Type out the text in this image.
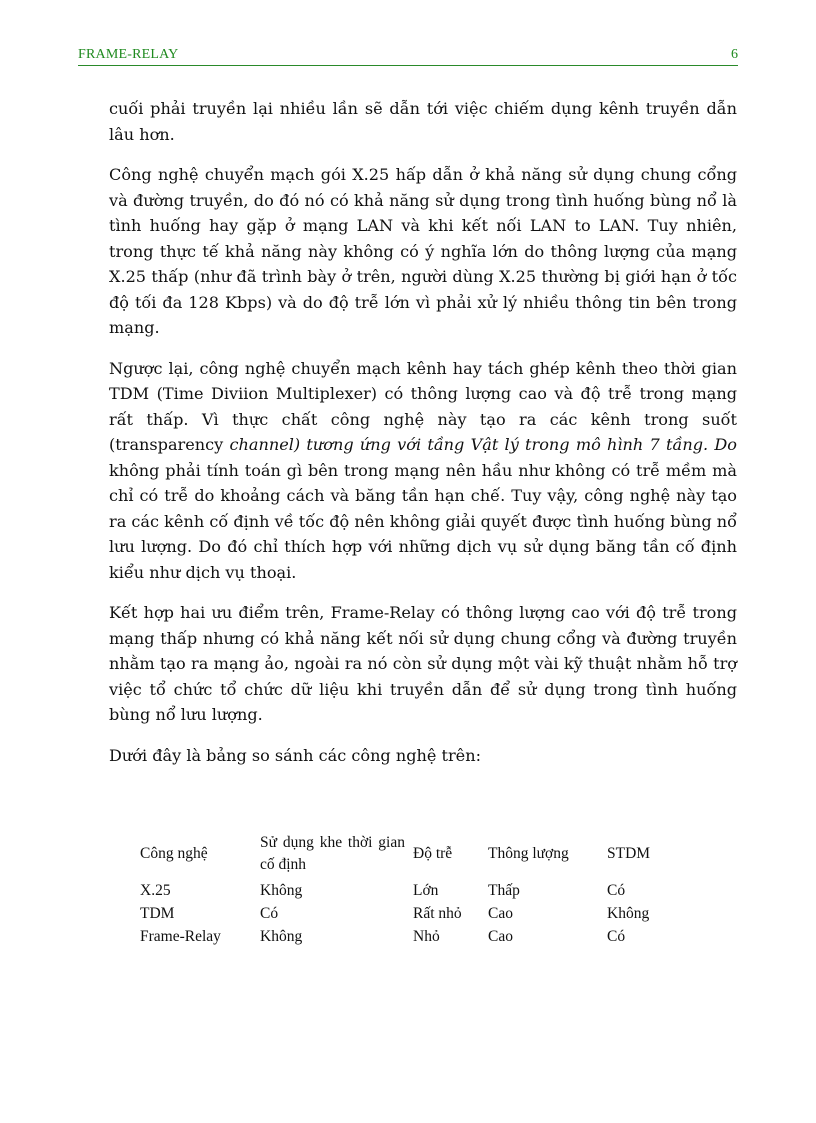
FRAME-RELAY	6

cuối phải truyền lại nhiều lần sẽ dẫn tới việc chiếm dụng kênh truyền dẫn lâu hơn.

Công nghệ chuyển mạch gói X.25 hấp dẫn ở khả năng sử dụng chung cổng và đường truyền, do đó nó có khả năng sử dụng trong tình huống bùng nổ là tình huống hay gặp ở mạng LAN và khi kết nối LAN to LAN. Tuy nhiên, trong thực tế khả năng này không có ý nghĩa lớn do thông lượng của mạng X.25 thấp (như đã trình bày ở trên, người dùng X.25 thường bị giới hạn ở tốc độ tối đa 128 Kbps) và do độ trễ lớn vì phải xử lý nhiều thông tin bên trong mạng.

Ngược lại, công nghệ chuyển mạch kênh hay tách ghép kênh theo thời gian TDM (Time Diviion Multiplexer) có thông lượng cao và độ trễ trong mạng rất thấp. Vì thực chất công nghệ này tạo ra các kênh trong suốt (transparency channel) tương ứng với tầng Vật lý trong mô hình 7 tầng. Do không phải tính toán gì bên trong mạng nên hầu như không có trễ mềm mà chỉ có trễ do khoảng cách và băng tần hạn chế. Tuy vậy, công nghệ này tạo ra các kênh cố định về tốc độ nên không giải quyết được tình huống bùng nổ lưu lượng. Do đó chỉ thích hợp với những dịch vụ sử dụng băng tần cố định kiểu như dịch vụ thoại.

Kết hợp hai ưu điểm trên, Frame-Relay có thông lượng cao với độ trễ trong mạng thấp nhưng có khả năng kết nối sử dụng chung cổng và đường truyền nhằm tạo ra mạng ảo, ngoài ra nó còn sử dụng một vài kỹ thuật nhằm hỗ trợ việc tổ chức tổ chức dữ liệu khi truyền dẫn để sử dụng trong tình huống bùng nổ lưu lượng.

Dưới đây là bảng so sánh các công nghệ trên:

Công nghệ	Sử dụng khe thời gian cố định	Độ trễ	Thông lượng	STDM
X.25	Không	Lớn	Thấp	Có
TDM	Có	Rất nhỏ	Cao	Không
Frame-Relay	Không	Nhỏ	Cao	Có
